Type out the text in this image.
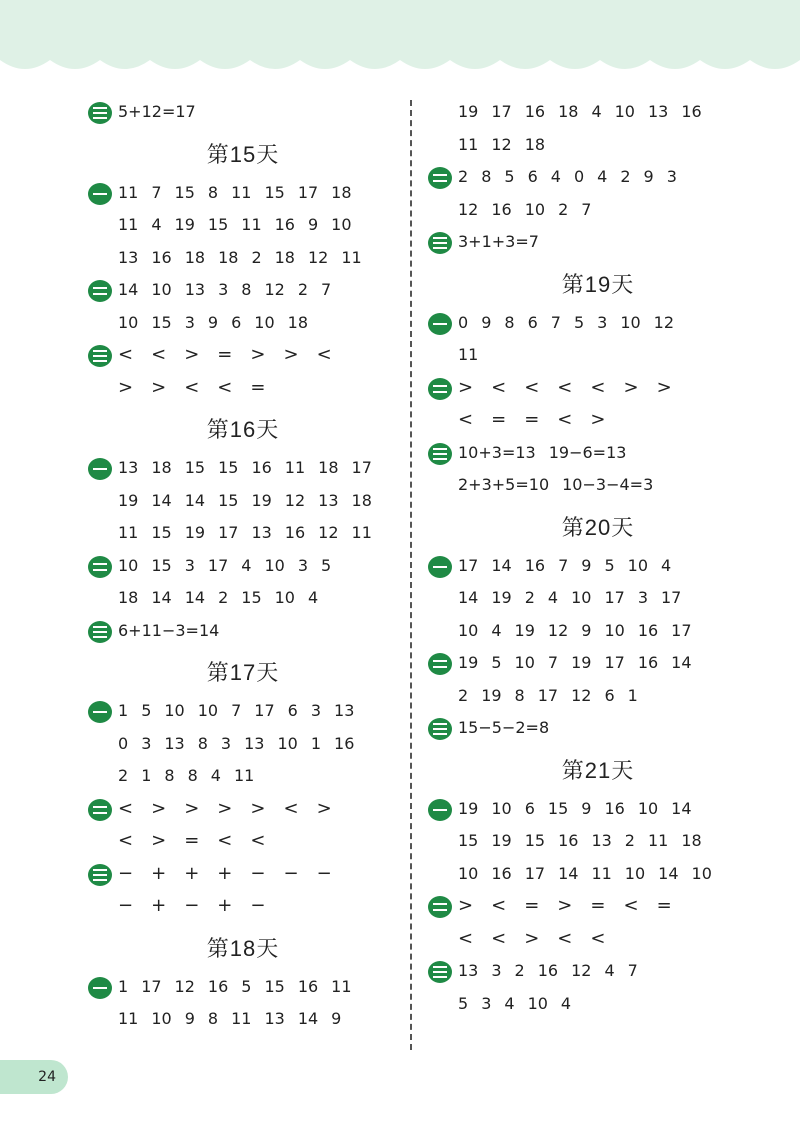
5+12=17
第15天
11 7 15 8 11 15 17 18
11 4 19 15 11 16 9 10
13 16 18 18 2 18 12 11
14 10 13 3 8 12 2 7
10 15 3 9 6 10 18
< < > = > > <
> > < < =
第16天
13 18 15 15 16 11 18 17
19 14 14 15 19 12 13 18
11 15 19 17 13 16 12 11
10 15 3 17 4 10 3 5
18 14 14 2 15 10 4
6+11−3=14
第17天
1 5 10 10 7 17 6 3 13
0 3 13 8 3 13 10 1 16
2 1 8 8 4 11
< > > > > < >
< > = < <
− + + + − − −
− + − + −
第18天
1 17 12 16 5 15 16 11
11 10 9 8 11 13 14 9
19 17 16 18 4 10 13 16
11 12 18
2 8 5 6 4 0 4 2 9 3
12 16 10 2 7
3+1+3=7
第19天
0 9 8 6 7 5 3 10 12
11
> < < < < > >
< = = < >
10+3=13 19−6=13
2+3+5=10 10−3−4=3
第20天
17 14 16 7 9 5 10 4
14 19 2 4 10 17 3 17
10 4 19 12 9 10 16 17
19 5 10 7 19 17 16 14
2 19 8 17 12 6 1
15−5−2=8
第21天
19 10 6 15 9 16 10 14
15 19 15 16 13 2 11 18
10 16 17 14 11 10 14 10
> < = > = < =
< < > < <
13 3 2 16 12 4 7
5 3 4 10 4
24
